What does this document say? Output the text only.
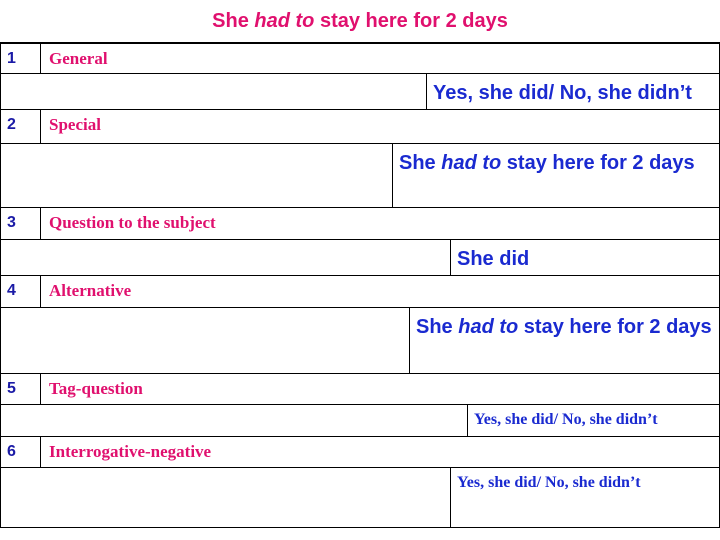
She had to stay here for 2 days
1	General
Yes, she did/ No, she didn’t
2	Special
She had to stay here for 2 days
3	Question to the subject
She did
4	Alternative
She had to stay here for 2 days
5	Tag-question
Yes, she did/ No, she didn’t
6	Interrogative-negative
Yes, she did/ No, she didn’t
